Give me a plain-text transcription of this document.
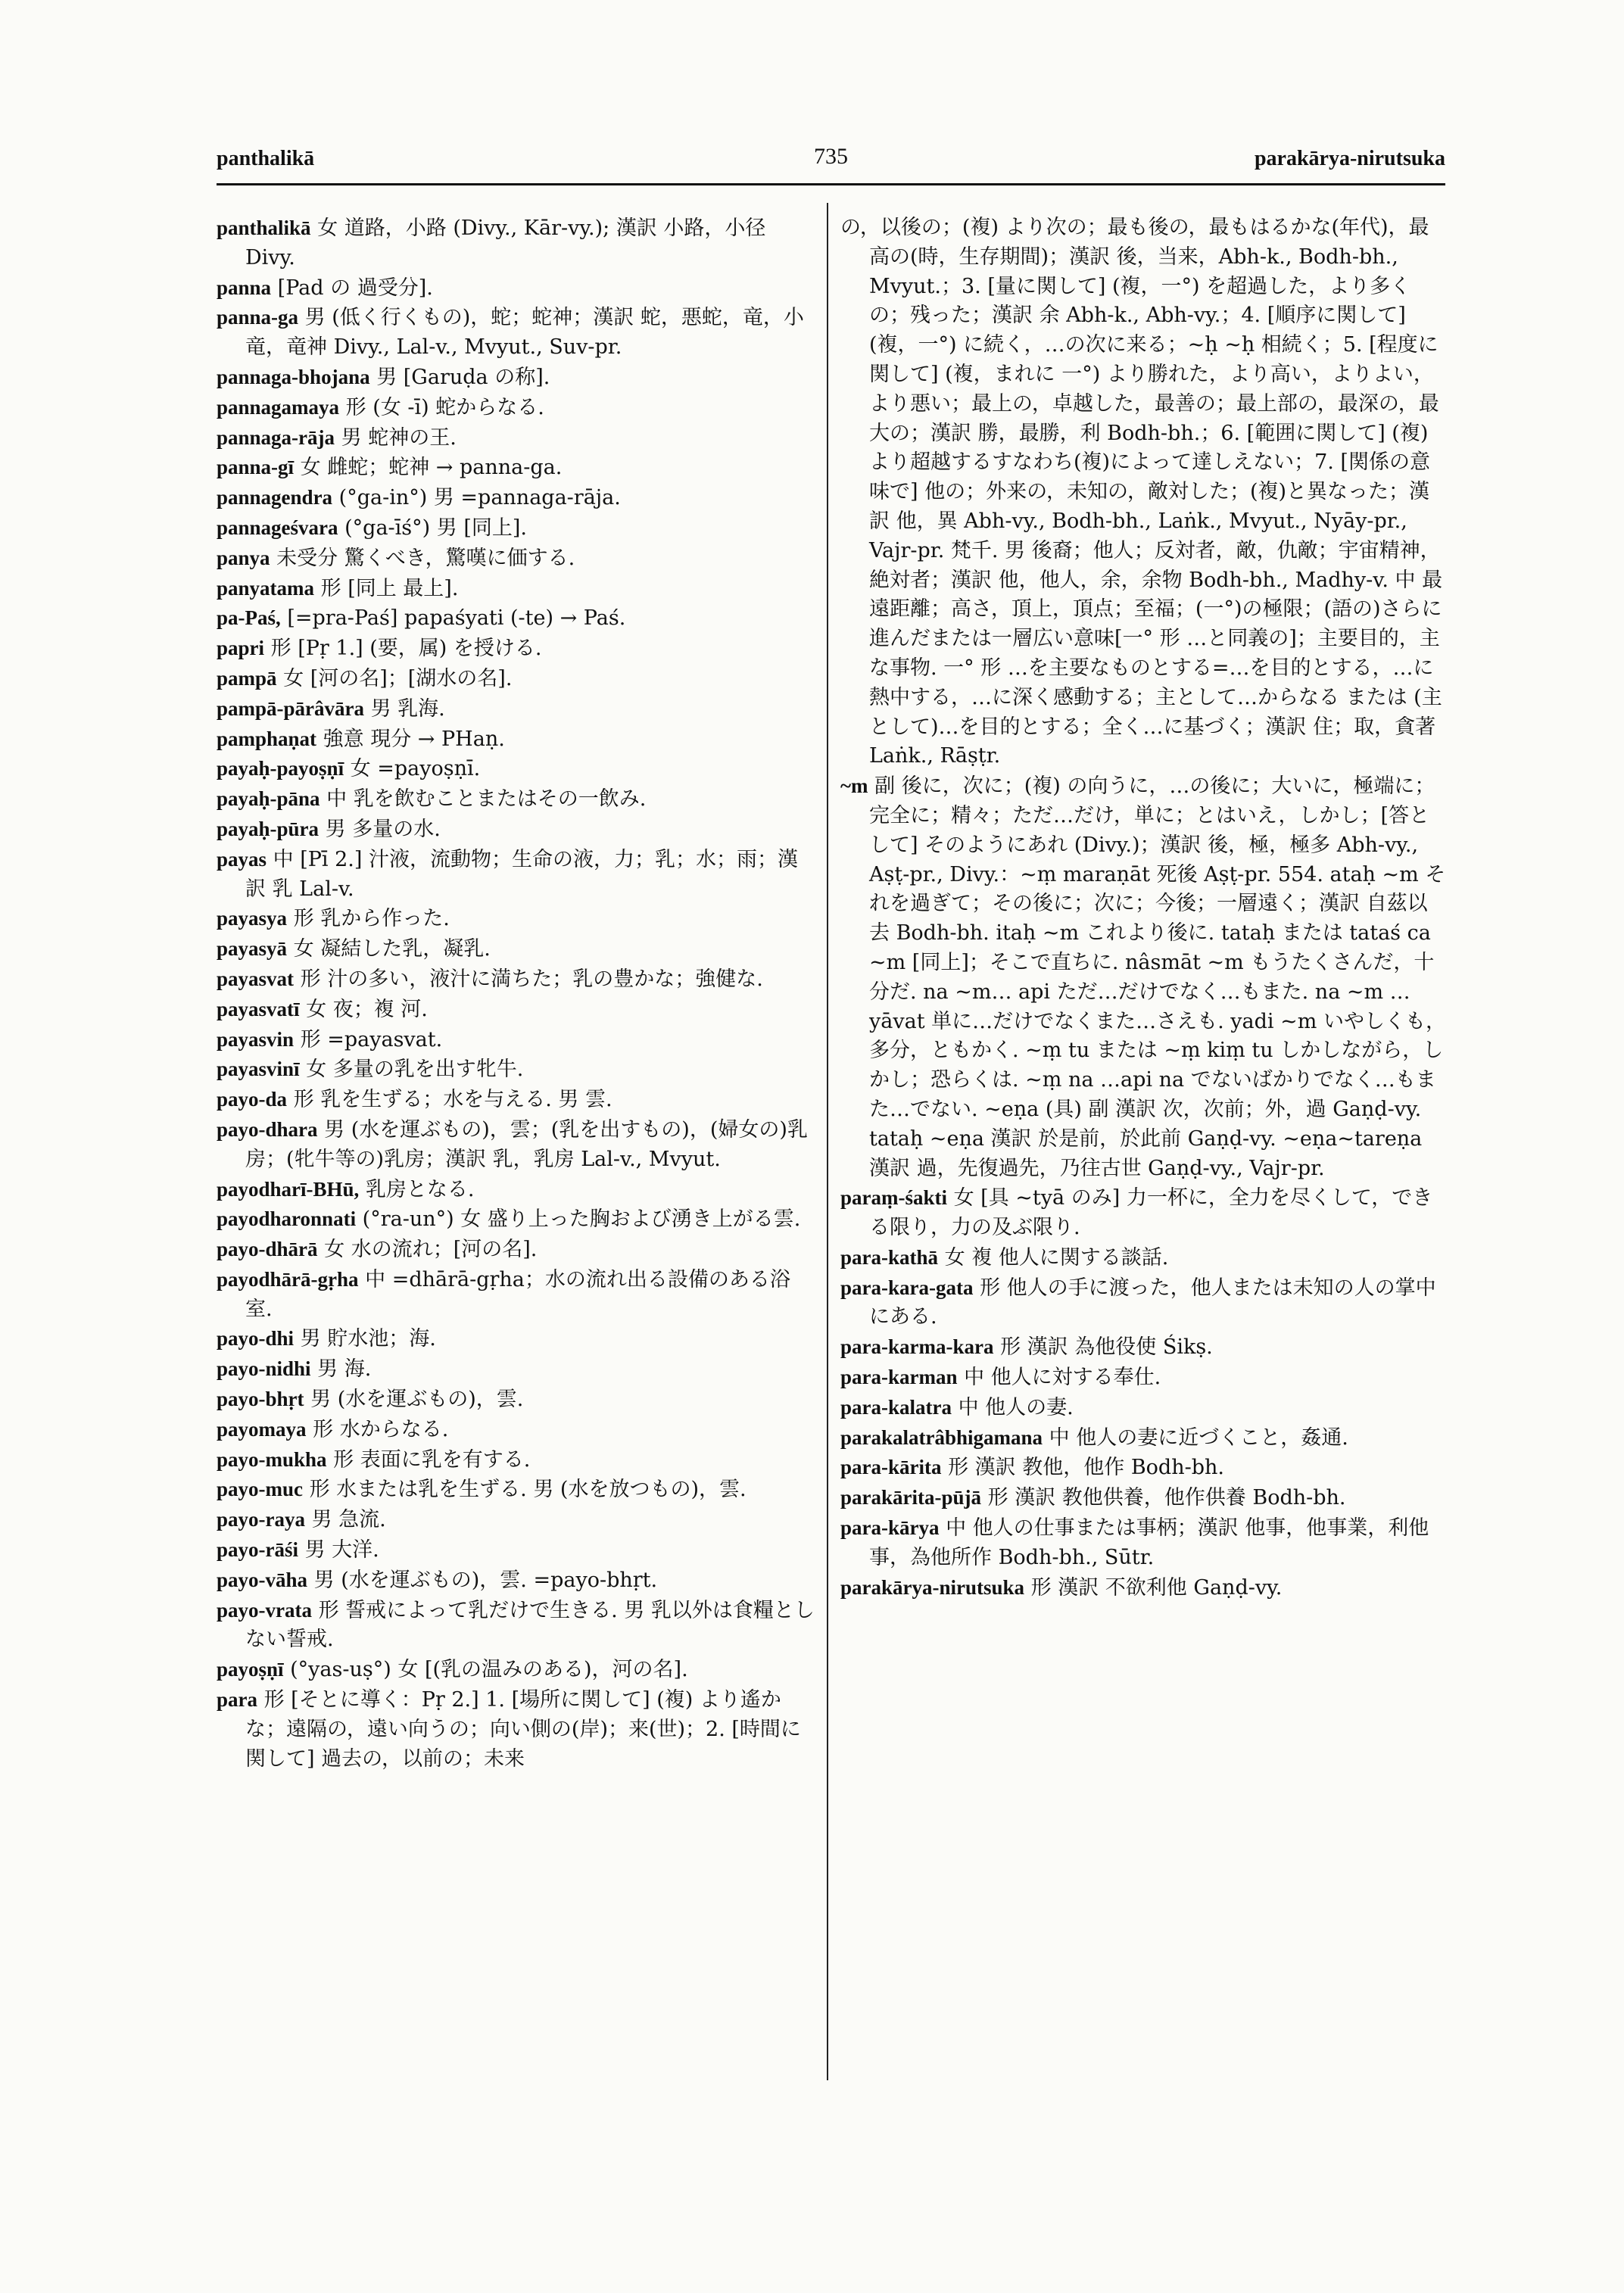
panthalikā	735	parakārya-nirutsuka

panthalikā 女 道路，小路 (Divy., Kār-vy.); 漢訳 小路，小径 Divy.

panna [Pad の 過受分].

panna-ga 男 (低く行くもの)，蛇；蛇神；漢訳 蛇，悪蛇，竜，小竜，竜神 Divy., Lal-v., Mvyut., Suv-pr.

pannaga-bhojana 男 [Garuḍa の称].

pannagamaya 形 (女 -ī) 蛇からなる.

pannaga-rāja 男 蛇神の王.

panna-gī 女 雌蛇；蛇神 → panna-ga.

pannagendra (°ga-in°) 男 =pannaga-rāja.

pannageśvara (°ga-īś°) 男 [同上].

panya 未受分 驚くべき，驚嘆に価する.

panyatama 形 [同上 最上].

pa-Paś, [=pra-Paś] papaśyati (-te) → Paś.

papri 形 [Pṛ 1.] (要，属) を授ける.

pampā 女 [河の名]；[湖水の名].

pampā-pārâvāra 男 乳海.

pamphaṇat 強意 現分 → PHaṇ.

payaḥ-payoṣṇī 女 =payoṣṇī.

payaḥ-pāna 中 乳を飲むことまたはその一飲み.

payaḥ-pūra 男 多量の水.

payas 中 [Pī 2.] 汁液，流動物；生命の液，力；乳；水；雨；漢訳 乳 Lal-v.

payasya 形 乳から作った.

payasyā 女 凝結した乳，凝乳.

payasvat 形 汁の多い，液汁に満ちた；乳の豊かな；強健な.

payasvatī 女 夜；複 河.

payasvin 形 =payasvat.

payasvinī 女 多量の乳を出す牝牛.

payo-da 形 乳を生ずる；水を与える. 男 雲.

payo-dhara 男 (水を運ぶもの)，雲；(乳を出すもの)，(婦女の)乳房；(牝牛等の)乳房；漢訳 乳，乳房 Lal-v., Mvyut.

payodharī-BHū, 乳房となる.

payodharonnati (°ra-un°) 女 盛り上った胸および湧き上がる雲.

payo-dhārā 女 水の流れ；[河の名].

payodhārā-gṛha 中 =dhārā-gṛha；水の流れ出る設備のある浴室.

payo-dhi 男 貯水池；海.

payo-nidhi 男 海.

payo-bhṛt 男 (水を運ぶもの)，雲.

payomaya 形 水からなる.

payo-mukha 形 表面に乳を有する.

payo-muc 形 水または乳を生ずる. 男 (水を放つもの)，雲.

payo-raya 男 急流.

payo-rāśi 男 大洋.

payo-vāha 男 (水を運ぶもの)，雲. =payo-bhṛt.

payo-vrata 形 誓戒によって乳だけで生きる. 男 乳以外は食糧としない誓戒.

payoṣṇī (°yas-uṣ°) 女 [(乳の温みのある)，河の名].

para 形 [そとに導く：Pṛ 2.] 1. [場所に関して] (複) より遙かな；遠隔の，遠い向うの；向い側の(岸)；来(世)；2. [時間に関して] 過去の，以前の；未来

の，以後の；(複) より次の；最も後の，最もはるかな(年代)，最高の(時，生存期間)；漢訳 後，当来，Abh-k., Bodh-bh., Mvyut.；3. [量に関して] (複，一°) を超過した，より多くの；残った；漢訳 余 Abh-k., Abh-vy.；4. [順序に関して] (複，一°) に続く，…の次に来る；~ḥ ~ḥ 相続く；5. [程度に関して] (複，まれに 一°) より勝れた，より高い，よりよい，より悪い；最上の，卓越した，最善の；最上部の，最深の，最大の；漢訳 勝，最勝，利 Bodh-bh.；6. [範囲に関して] (複)より超越するすなわち(複)によって達しえない；7. [関係の意味で] 他の；外来の，未知の，敵対した；(複)と異なった；漢訳 他，異 Abh-vy., Bodh-bh., Laṅk., Mvyut., Nyāy-pr., Vajr-pr. 梵千. 男 後裔；他人；反対者，敵，仇敵；宇宙精神，絶対者；漢訳 他，他人，余，余物 Bodh-bh., Madhy-v. 中 最遠距離；高さ，頂上，頂点；至福；(一°)の極限；(語の)さらに進んだまたは一層広い意味[一° 形 …と同義の]；主要目的，主な事物. 一° 形 …を主要なものとする=…を目的とする，…に熱中する，…に深く感動する；主として…からなる または (主として)…を目的とする；全く…に基づく；漢訳 住；取，貪著 Laṅk., Rāṣṭr.

~m 副 後に，次に；(複) の向うに，…の後に；大いに，極端に；完全に；精々；ただ…だけ，単に；とはいえ，しかし；[答として] そのようにあれ (Divy.)；漢訳 後，極，極多 Abh-vy., Aṣṭ-pr., Divy.：~ṃ maraṇāt 死後 Aṣṭ-pr. 554. ataḥ ~m それを過ぎて；その後に；次に；今後；一層遠く；漢訳 自茲以去 Bodh-bh. itaḥ ~m これより後に. tataḥ または tataś ca ~m [同上]；そこで直ちに. nâsmāt ~m もうたくさんだ，十分だ. na ~m… api ただ…だけでなく…もまた. na ~m …yāvat 単に…だけでなくまた…さえも. yadi ~m いやしくも，多分，ともかく. ~ṃ tu または ~ṃ kiṃ tu しかしながら，しかし；恐らくは. ~ṃ na …api na でないばかりでなく…もまた…でない. ~eṇa (具) 副 漢訳 次，次前；外，過 Gaṇḍ-vy. tataḥ ~eṇa 漢訳 於是前，於此前 Gaṇḍ-vy. ~eṇa~tareṇa 漢訳 過，先復過先，乃往古世 Gaṇḍ-vy., Vajr-pr.

paraṃ-śakti 女 [具 ~tyā のみ] 力一杯に，全力を尽くして，できる限り，力の及ぶ限り.

para-kathā 女 複 他人に関する談話.

para-kara-gata 形 他人の手に渡った，他人または未知の人の掌中にある.

para-karma-kara 形 漢訳 為他役使 Śikṣ.

para-karman 中 他人に対する奉仕.

para-kalatra 中 他人の妻.

parakalatrâbhigamana 中 他人の妻に近づくこと，姦通.

para-kārita 形 漢訳 教他，他作 Bodh-bh.

parakārita-pūjā 形 漢訳 教他供養，他作供養 Bodh-bh.

para-kārya 中 他人の仕事または事柄；漢訳 他事，他事業，利他事，為他所作 Bodh-bh., Sūtr.

parakārya-nirutsuka 形 漢訳 不欲利他 Gaṇḍ-vy.
